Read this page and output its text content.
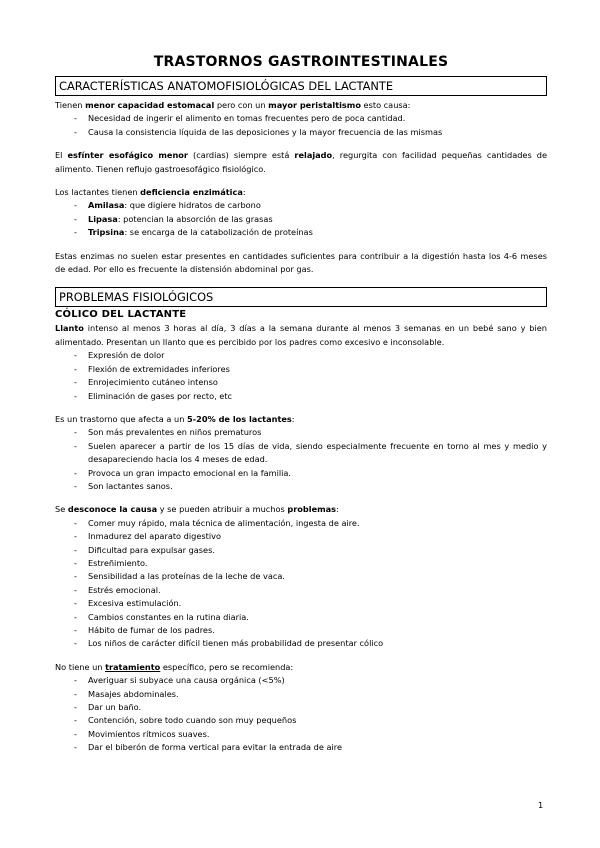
TRASTORNOS GASTROINTESTINALES
CARACTERÍSTICAS ANATOMOFISIOLÓGICAS DEL LACTANTE

Tienen menor capacidad estomacal pero con un mayor peristaltismo esto causa:

- Necesidad de ingerir el alimento en tomas frecuentes pero de poca cantidad.
- Causa la consistencia líquida de las deposiciones y la mayor frecuencia de las mismas

El esfínter esofágico menor (cardias) siempre está relajado, regurgita con facilidad pequeñas cantidades de alimento. Tienen reflujo gastroesofágico fisiológico.

Los lactantes tienen deficiencia enzimática:

- Amilasa: que digiere hidratos de carbono
- Lipasa: potencian la absorción de las grasas
- Tripsina: se encarga de la catabolización de proteínas

Estas enzimas no suelen estar presentes en cantidades suficientes para contribuir a la digestión hasta los 4-6 meses de edad. Por ello es frecuente la distensión abdominal por gas.

PROBLEMAS FISIOLÓGICOS
CÓLICO DEL LACTANTE

Llanto intenso al menos 3 horas al día, 3 días a la semana durante al menos 3 semanas en un bebé sano y bien alimentado. Presentan un llanto que es percibido por los padres como excesivo e inconsolable.

- Expresión de dolor
- Flexión de extremidades inferiores
- Enrojecimiento cutáneo intenso
- Eliminación de gases por recto, etc

Es un trastorno que afecta a un 5-20% de los lactantes:

- Son más prevalentes en niños prematuros
- Suelen aparecer a partir de los 15 días de vida, siendo especialmente frecuente en torno al mes y medio y desapareciendo hacia los 4 meses de edad.
- Provoca un gran impacto emocional en la familia.
- Son lactantes sanos.

Se desconoce la causa y se pueden atribuir a muchos problemas:

- Comer muy rápido, mala técnica de alimentación, ingesta de aire.
- Inmadurez del aparato digestivo
- Dificultad para expulsar gases.
- Estreñimiento.
- Sensibilidad a las proteínas de la leche de vaca.
- Estrés emocional.
- Excesiva estimulación.
- Cambios constantes en la rutina diaria.
- Hábito de fumar de los padres.
- Los niños de carácter difícil tienen más probabilidad de presentar cólico

No tiene un tratamiento específico, pero se recomienda:

- Averiguar si subyace una causa orgánica (<5%)
- Masajes abdominales.
- Dar un baño.
- Contención, sobre todo cuando son muy pequeños
- Movimientos rítmicos suaves.
- Dar el biberón de forma vertical para evitar la entrada de aire
1
